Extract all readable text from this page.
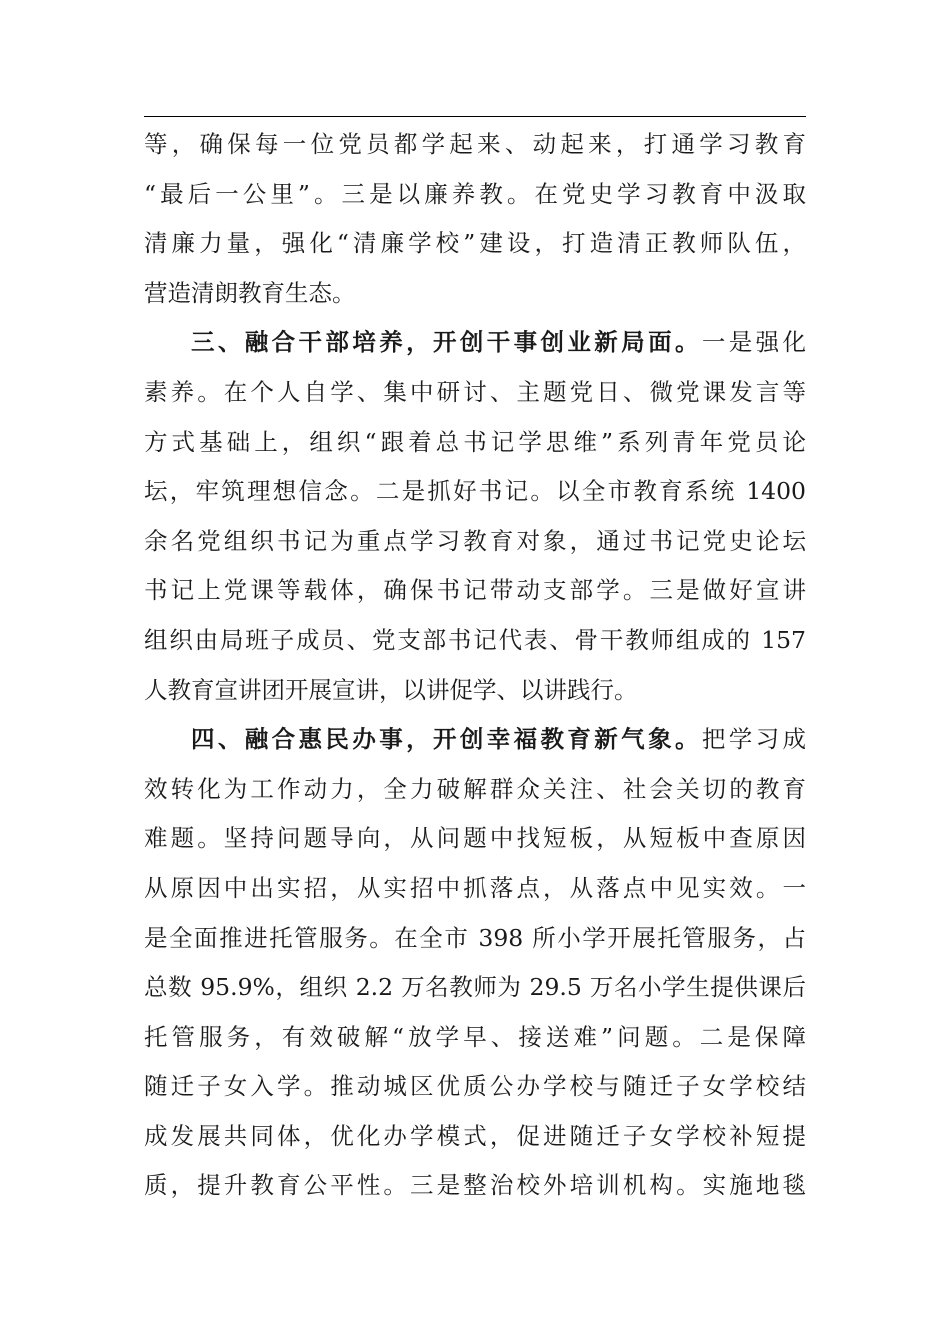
等，确保每一位党员都学起来、动起来，打通学习教育
“最后一公里”。三是以廉养教。在党史学习教育中汲取
清廉力量，强化“清廉学校”建设，打造清正教师队伍，
营造清朗教育生态。
三、融合干部培养，开创干事创业新局面。一是强化
素养。在个人自学、集中研讨、主题党日、微党课发言等
方式基础上，组织“跟着总书记学思维”系列青年党员论
坛，牢筑理想信念。二是抓好书记。以全市教育系统 1400
余名党组织书记为重点学习教育对象，通过书记党史论坛
书记上党课等载体，确保书记带动支部学。三是做好宣讲
组织由局班子成员、党支部书记代表、骨干教师组成的 157
人教育宣讲团开展宣讲，以讲促学、以讲践行。
四、融合惠民办事，开创幸福教育新气象。把学习成
效转化为工作动力，全力破解群众关注、社会关切的教育
难题。坚持问题导向，从问题中找短板，从短板中查原因
从原因中出实招，从实招中抓落点，从落点中见实效。一
是全面推进托管服务。在全市 398 所小学开展托管服务，占
总数 95.9%，组织 2.2 万名教师为 29.5 万名小学生提供课后
托管服务，有效破解“放学早、接送难”问题。二是保障
随迁子女入学。推动城区优质公办学校与随迁子女学校结
成发展共同体，优化办学模式，促进随迁子女学校补短提
质，提升教育公平性。三是整治校外培训机构。实施地毯
